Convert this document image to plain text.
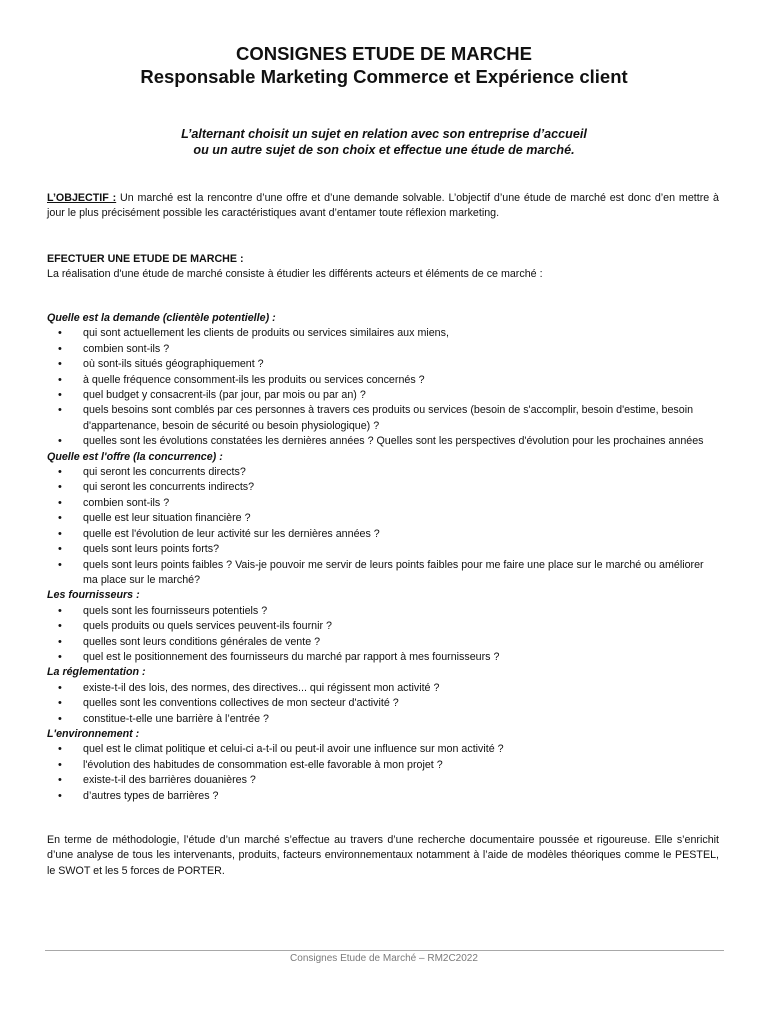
CONSIGNES ETUDE DE MARCHE

Responsable Marketing Commerce et Expérience client

L’alternant choisit un sujet en relation avec son entreprise d’accueil
ou un autre sujet de son choix et effectue une étude de marché.
L’OBJECTIF : Un marché est la rencontre d’une offre et d’une demande solvable. L’objectif d’une étude de marché est donc d’en mettre à jour le plus précisément possible les caractéristiques avant d’entamer toute réflexion marketing.
EFECTUER UNE ETUDE DE MARCHE :
La réalisation d'une étude de marché consiste à étudier les différents acteurs et éléments de ce marché :
Quelle est la demande (clientèle potentielle) :
• qui sont actuellement les clients de produits ou services similaires aux miens,
• combien sont-ils ?
• où sont-ils situés géographiquement ?
• à quelle fréquence consomment-ils les produits ou services concernés ?
• quel budget y consacrent-ils (par jour, par mois ou par an) ?
• quels besoins sont comblés par ces personnes à travers ces produits ou services (besoin de s'accomplir, besoin d'estime, besoin d'appartenance, besoin de sécurité ou besoin physiologique) ?
• quelles sont les évolutions constatées les dernières années ? Quelles sont les perspectives d'évolution pour les prochaines années
Quelle est l'offre (la concurrence) :
• qui seront les concurrents directs?
• qui seront les concurrents indirects?
• combien sont-ils ?
• quelle est leur situation financière ?
• quelle est l'évolution de leur activité sur les dernières années ?
• quels sont leurs points forts?
• quels sont leurs points faibles ? Vais-je pouvoir me servir de leurs points faibles pour me faire une place sur le marché ou améliorer ma place sur le marché?
Les fournisseurs :
• quels sont les fournisseurs potentiels ?
• quels produits ou quels services peuvent-ils fournir ?
• quelles sont leurs conditions générales de vente ?
• quel est le positionnement des fournisseurs du marché par rapport à mes fournisseurs ?
La réglementation :
• existe-t-il des lois, des normes, des directives... qui régissent mon activité ?
• quelles sont les conventions collectives de mon secteur d'activité ?
• constitue-t-elle une barrière à l’entrée ?
L'environnement :
• quel est le climat politique et celui-ci a-t-il ou peut-il avoir une influence sur mon activité ?
• l'évolution des habitudes de consommation est-elle favorable à mon projet ?
• existe-t-il des barrières douanières ?
• d’autres types de barrières ?
En terme de méthodologie, l’étude d’un marché s’effectue au travers d’une recherche documentaire poussée et rigoureuse. Elle s’enrichit d’une analyse de tous les intervenants, produits, facteurs environnementaux notamment à l’aide de modèles théoriques comme le PESTEL, le SWOT et les 5 forces de PORTER.
Consignes Etude de Marché – RM2C2022
